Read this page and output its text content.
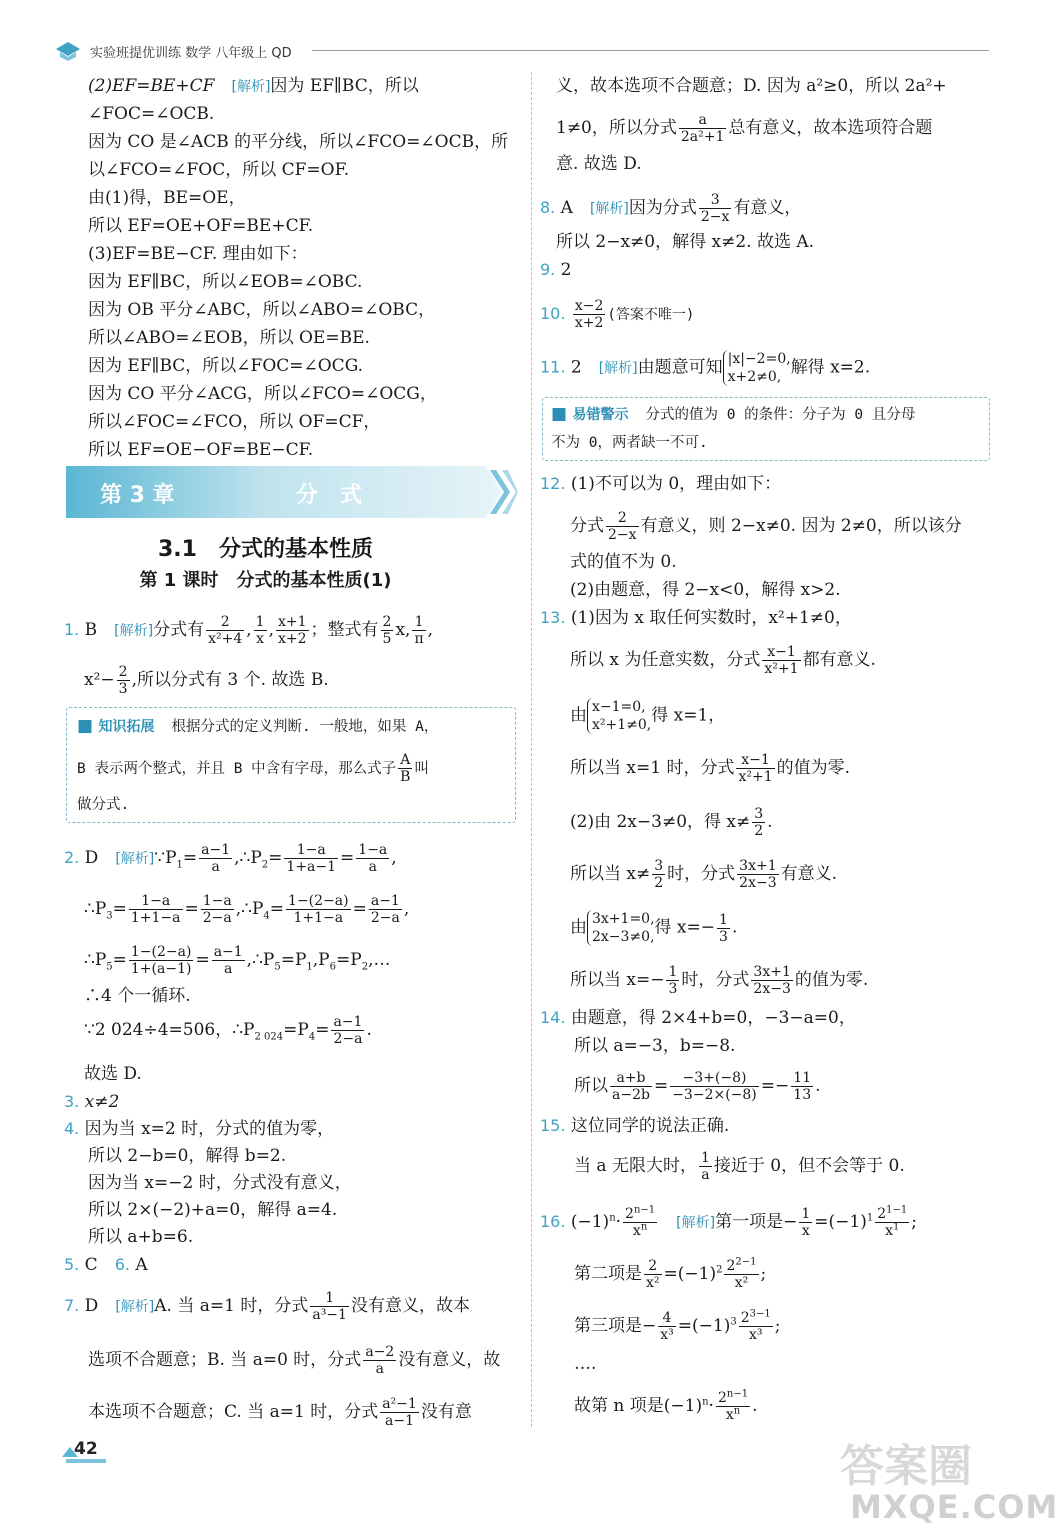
实验班提优训练 数学 八年级上 QD
(2)EF=BE+CF　 [解析]因为 EF∥BC，所以
∠FOC=∠OCB.
因为 CO 是∠ACB 的平分线，所以∠FCO=∠OCB，所
以∠FCO=∠FOC，所以 CF=OF.
由(1)得，BE=OE，
所以 EF=OE+OF=BE+CF.
(3)EF=BE−CF. 理由如下：
因为 EF∥BC，所以∠EOB=∠OBC.
因为 OB 平分∠ABC，所以∠ABO=∠OBC，
所以∠ABO=∠EOB，所以 OE=BE.
因为 EF∥BC，所以∠FOC=∠OCG.
因为 CO 平分∠ACG，所以∠FCO=∠OCG，
所以∠FOC=∠FCO，所以 OF=CF，
所以 EF=OE−OF=BE−CF.
第 3 章	分　式
3.1　分式的基本性质
第 1 课时　分式的基本性质(1)
1. B　 [解析]分式有 $\frac{2}{\text{x²+4}}$ , $\frac{1}{x}$ , $\frac{x+1}{x+2}$ ；整式有 $\frac{2}{5} x$, $\frac{1}{\pi}$ ,
$x^2- \frac{2}{3}$ ,所以分式有 3 个. 故选 B.
■ 知识拓展　 根据分式的定义判断. 一般地，如果 A，
B 表示两个整式，并且 B 中含有字母，那么式子 $\frac{A}{B}$ 叫
做分式.
2. D　 [解析]$\because P_1= \frac{a-1}{a}$ $,\therefore P_2= \frac{1-a}{1+a-1} = \frac{1-a}{a}$ ,
$\therefore P_3= \frac{1-a}{1+1-a} = \frac{1-a}{2-a}$ $,\therefore P_4= \frac{1-(2-a)}{1+1-a} = \frac{a-1}{2-a}$ ,
$\therefore P_5= \frac{1-(2-a)}{1+(a-1)} = \frac{a-1}{a}$ $,\therefore P_5=P_1,P_6=P_2,\dots$
∴4 个一循环.
∵2 024÷4=506，$\therefore P_{2 024}=P_4= \frac{a-1}{2-a}$ .
故选 D.
3. x≠2
4. 因为当 x=2 时，分式的值为零，
所以 2−b=0，解得 b=2.
因为当 x=−2 时，分式没有意义，
所以 2×(−2)+a=0，解得 a=4.
所以 a+b=6.
5. C　 6. A
7. D　 [解析]A. 当 a=1 时，分式 $\frac{1}{\text{a³−1}}$ 没有意义，故本
选项不合题意；B. 当 a=0 时，分式 $\frac{a-2}{a}$ 没有意义，故
本选项不合题意；C. 当 a=1 时，分式 $\frac{\text{a²−1}}{a-1}$ 没有意
义，故本选项不合题意；D. 因为 a²≥0，所以 2a²+
1≠0，所以分式 $\frac{a}{\text{2a²+1}}$ 总有意义，故本选项符合题
意. 故选 D.
8. A　 [解析]因为分式 $\frac{3}{2-x}$ 有意义，
所以 2−x≠0，解得 x≠2. 故选 A.
9. 2
10. $\frac{x-2}{x+2}$ (答案不唯一)
11. 2　 [解析]由题意可知 |x|−2=0,
x+2≠0, 解得 x=2.
■ 易错警示　 分式的值为 0 的条件：分子为 0 且分母
不为 0，两者缺一不可.
12. (1)不可以为 0，理由如下：
分式 $\frac{2}{2-x}$ 有意义，则 2−x≠0. 因为 2≠0，所以该分
式的值不为 0.
(2)由题意，得 2−x<0，解得 x>2.
13. (1)因为 x 取任何实数时，x²+1≠0，
所以 x 为任意实数，分式 $\frac{x-1}{\text{x²+1}}$ 都有意义.
由 x−1=0,
x²+1≠0, 得 x=1，
所以当 x=1 时，分式 $\frac{x-1}{\text{x²+1}}$ 的值为零.
(2)由 2x−3≠0，得 $x\ne \frac{3}{2}$ .
所以当 $x\ne \frac{3}{2}$ 时，分式 $\frac{3x+1}{2x-3}$ 有意义.
由 3x+1=0,
2x−3≠0, 得 $x=- \frac{1}{3}$ .
所以当 $x=- \frac{1}{3}$ 时，分式 $\frac{3x+1}{2x-3}$ 的值为零.
14. 由题意，得 2×4+b=0，−3−a=0，
所以 a=−3，b=−8.
所以 $\frac{a+b}{a-2b} = \frac{-3+(-8)}{-3-2\times(-8)} =- \frac{11}{13}$ .
15. 这位同学的说法正确.
当 a 无限大时， $\frac{1}{a}$ 接近于 0，但不会等于 0.
16. $(-1)^n\cdot \frac{2^{n-1}}{x^n}$
　 [解析]第一项是− $\frac{1}{x} =(-1)^1 \frac{2^{1-1}}{x^1}$ ;
第二项是 $\frac{2}{\text{x²}} =(-1)^2 \frac{2^{2-1}}{\text{x²}}$ ;
第三项是− $\frac{4}{\text{x³}} =(-1)^3 \frac{2^{3-1}}{\text{x³}}$ ;
….
故第 n 项是$(-1)^n\cdot \frac{2^{n-1}}{x^n}$ .
42	答案圈
MXQE.COM
